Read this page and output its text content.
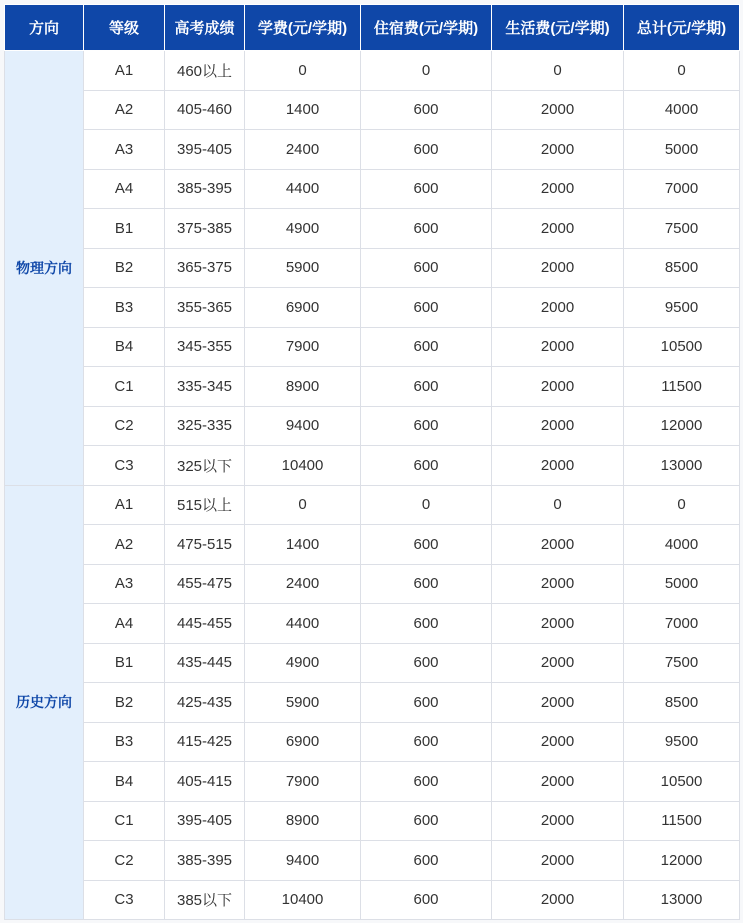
方向	等级	高考成绩	学费(元/学期)	住宿费(元/学期)	生活费(元/学期)	总计(元/学期)
物理方向	A1	460以上	0	0	0	0
	A2	405-460	1400	600	2000	4000
	A3	395-405	2400	600	2000	5000
	A4	385-395	4400	600	2000	7000
	B1	375-385	4900	600	2000	7500
	B2	365-375	5900	600	2000	8500
	B3	355-365	6900	600	2000	9500
	B4	345-355	7900	600	2000	10500
	C1	335-345	8900	600	2000	11500
	C2	325-335	9400	600	2000	12000
	C3	325以下	10400	600	2000	13000
历史方向	A1	515以上	0	0	0	0
	A2	475-515	1400	600	2000	4000
	A3	455-475	2400	600	2000	5000
	A4	445-455	4400	600	2000	7000
	B1	435-445	4900	600	2000	7500
	B2	425-435	5900	600	2000	8500
	B3	415-425	6900	600	2000	9500
	B4	405-415	7900	600	2000	10500
	C1	395-405	8900	600	2000	11500
	C2	385-395	9400	600	2000	12000
	C3	385以下	10400	600	2000	13000
